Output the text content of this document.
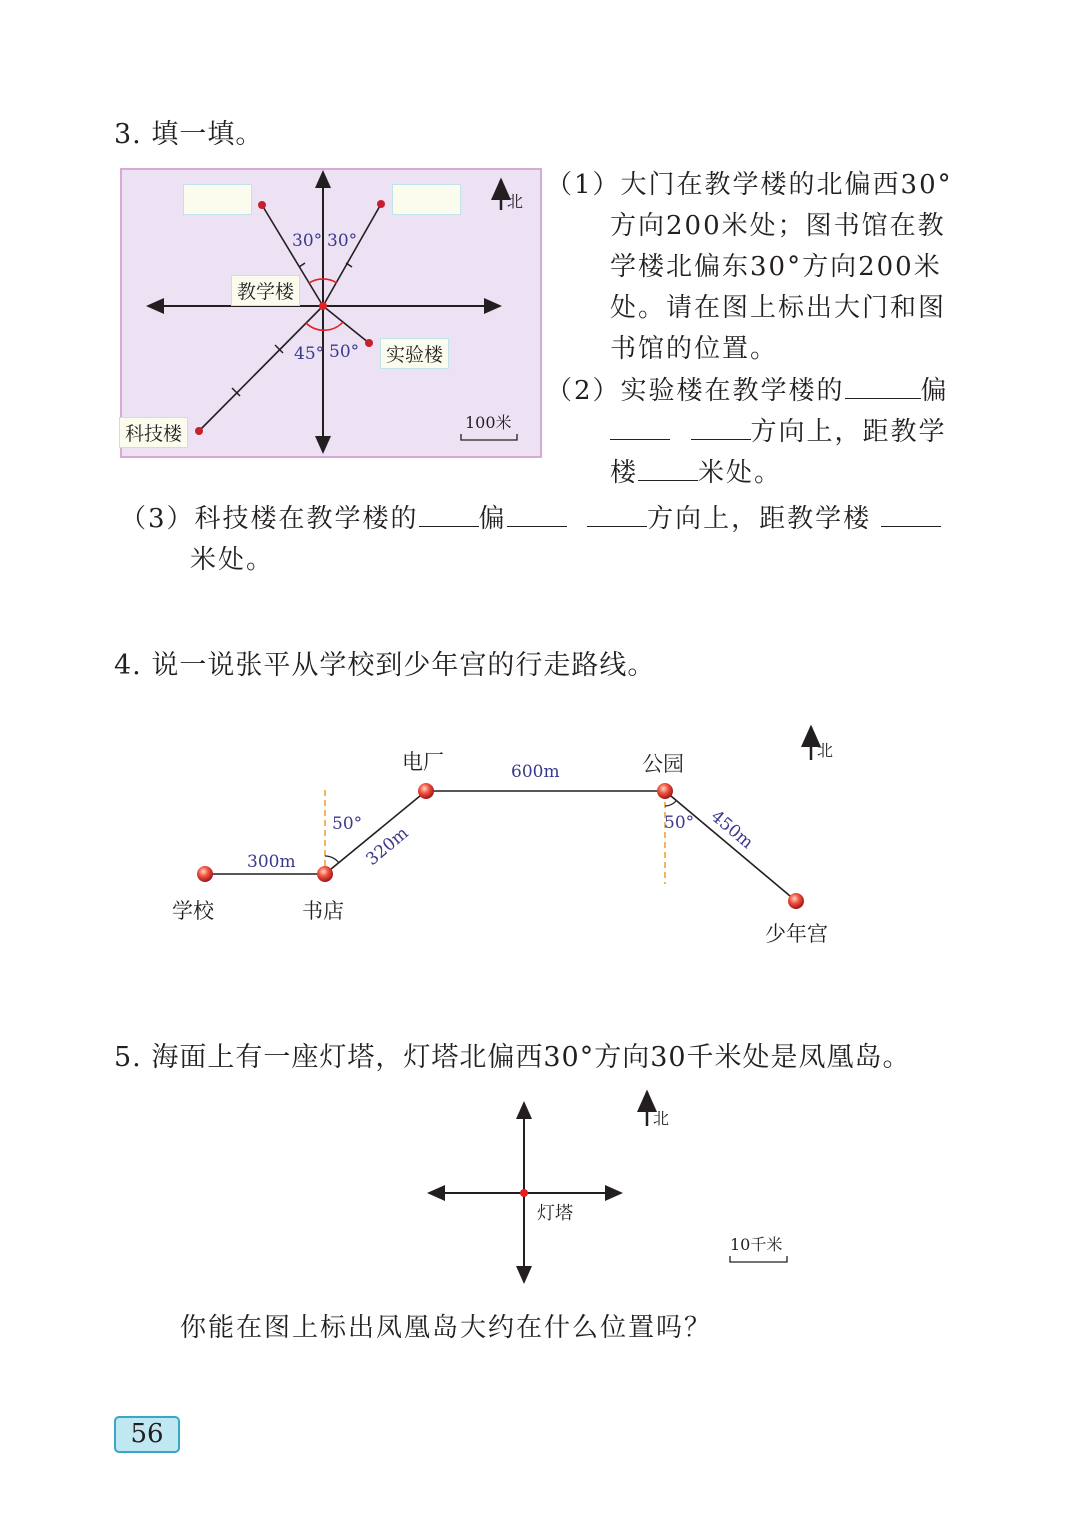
3. 填一填。
30° 30°
45° 50°
北
100米
教学楼
实验楼
科技楼
（1）大门在教学楼的北偏西30°
方向200米处；图书馆在教
学楼北偏东30°方向200米
处。请在图上标出大门和图
书馆的位置。
（2）实验楼在教学楼的	偏
方向上，距教学
楼 米处。
（3）科技楼在教学楼的 偏	方向上，距教学楼
米处。
4. 说一说张平从学校到少年宫的行走路线。
300m	320m
600m
450m
50°	50°
学校	书店
电厂	公园
少年宫
北
5. 海面上有一座灯塔，灯塔北偏西30°方向30千米处是凤凰岛。
灯塔
北
10千米
你能在图上标出凤凰岛大约在什么位置吗？
56
